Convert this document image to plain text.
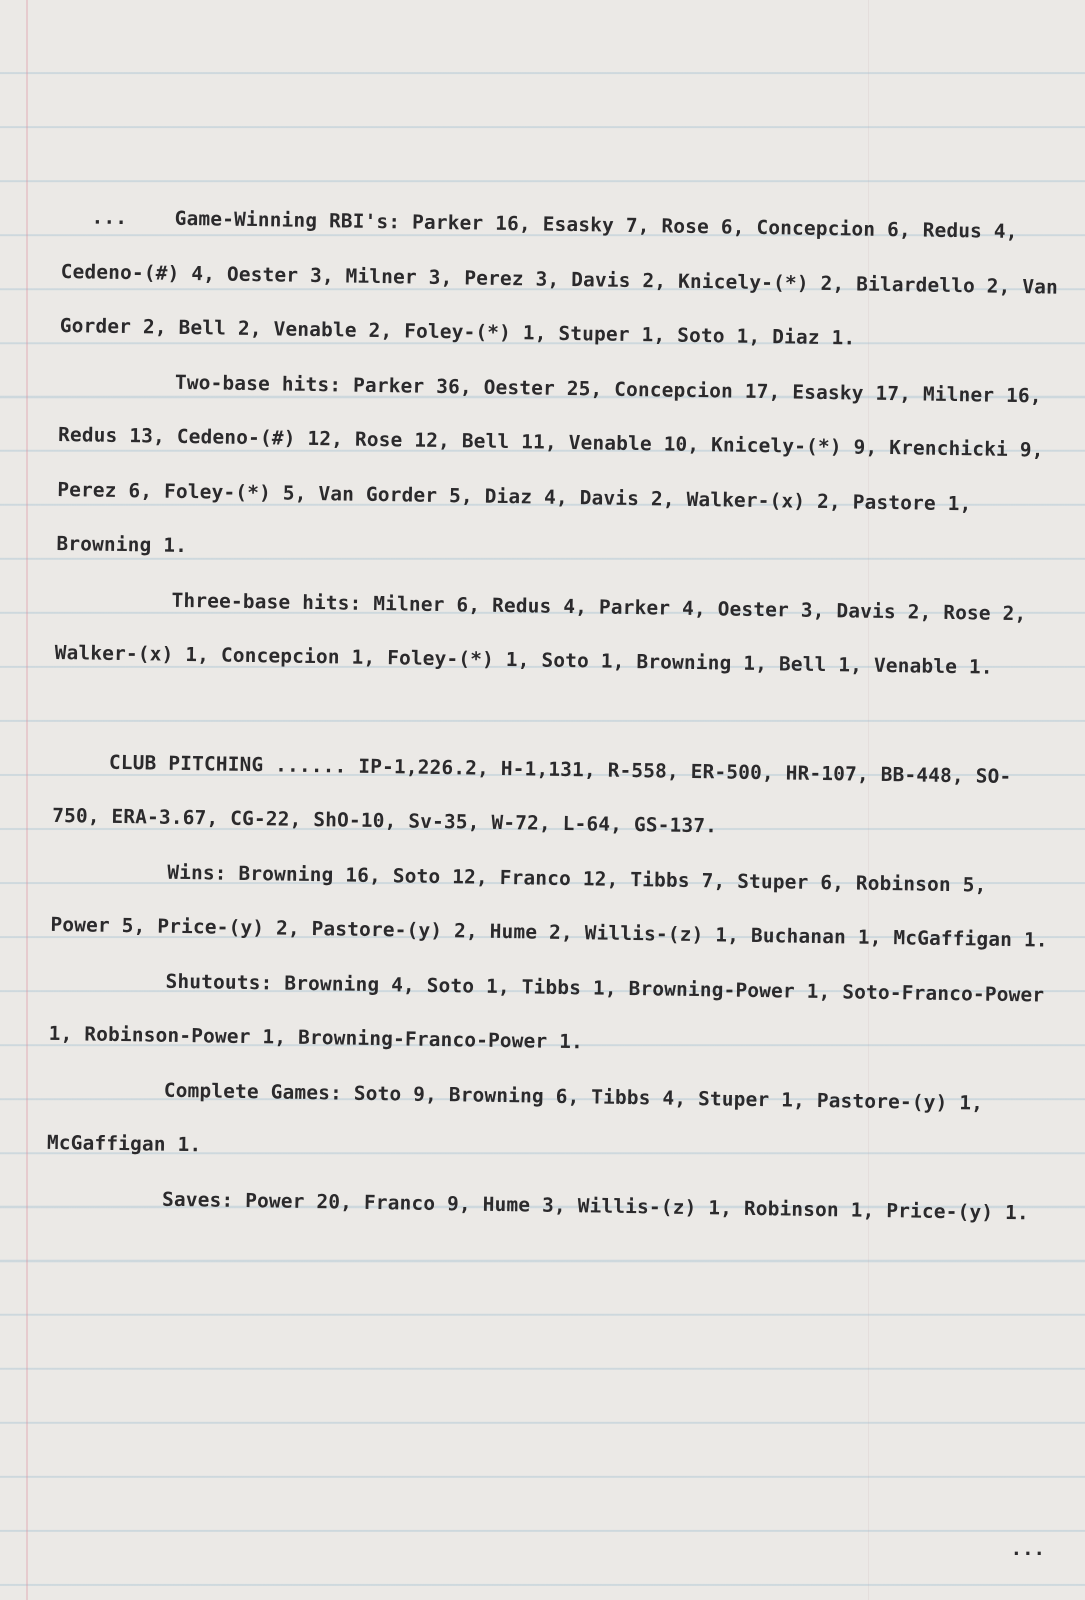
... Game-Winning RBI's: Parker 16, Esasky 7, Rose 6, Concepcion 6, Redus 4, Cedeno-(#) 4, Oester 3, Milner 3, Perez 3, Davis 2, Knicely-(*) 2, Bilardello 2, Van Gorder 2, Bell 2, Venable 2, Foley-(*) 1, Stuper 1, Soto 1, Diaz 1.

Two-base hits: Parker 36, Oester 25, Concepcion 17, Esasky 17, Milner 16, Redus 13, Cedeno-(#) 12, Rose 12, Bell 11, Venable 10, Knicely-(*) 9, Krenchicki 9, Perez 6, Foley-(*) 5, Van Gorder 5, Diaz 4, Davis 2, Walker-(x) 2, Pastore 1, Browning 1.

Three-base hits: Milner 6, Redus 4, Parker 4, Oester 3, Davis 2, Rose 2, Walker-(x) 1, Concepcion 1, Foley-(*) 1, Soto 1, Browning 1, Bell 1, Venable 1.

CLUB PITCHING ...... IP-1,226.2, H-1,131, R-558, ER-500, HR-107, BB-448, SO-750, ERA-3.67, CG-22, ShO-10, Sv-35, W-72, L-64, GS-137.

Wins: Browning 16, Soto 12, Franco 12, Tibbs 7, Stuper 6, Robinson 5, Power 5, Price-(y) 2, Pastore-(y) 2, Hume 2, Willis-(z) 1, Buchanan 1, McGaffigan 1.

Shutouts: Browning 4, Soto 1, Tibbs 1, Browning-Power 1, Soto-Franco-Power 1, Robinson-Power 1, Browning-Franco-Power 1.

Complete Games: Soto 9, Browning 6, Tibbs 4, Stuper 1, Pastore-(y) 1, McGaffigan 1.

Saves: Power 20, Franco 9, Hume 3, Willis-(z) 1, Robinson 1, Price-(y) 1.

...
